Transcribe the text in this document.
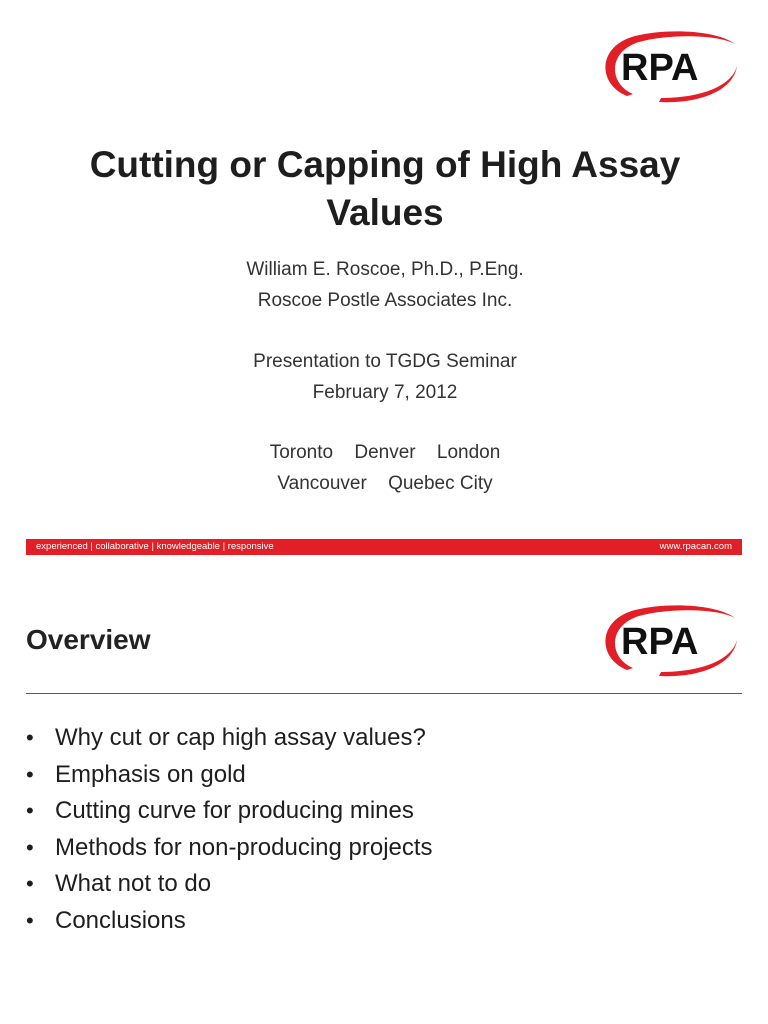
RPA
Cutting or Capping of High Assay
Values
William E. Roscoe, Ph.D., P.Eng.
Roscoe Postle Associates Inc.
Presentation to TGDG Seminar
February 7, 2012
Toronto Denver London
Vancouver Quebec City
experienced | collaborative | knowledgeable | responsive	www.rpacan.com
RPA
Overview
• Why cut or cap high assay values?
• Emphasis on gold
• Cutting curve for producing mines
• Methods for non-producing projects
• What not to do
• Conclusions
